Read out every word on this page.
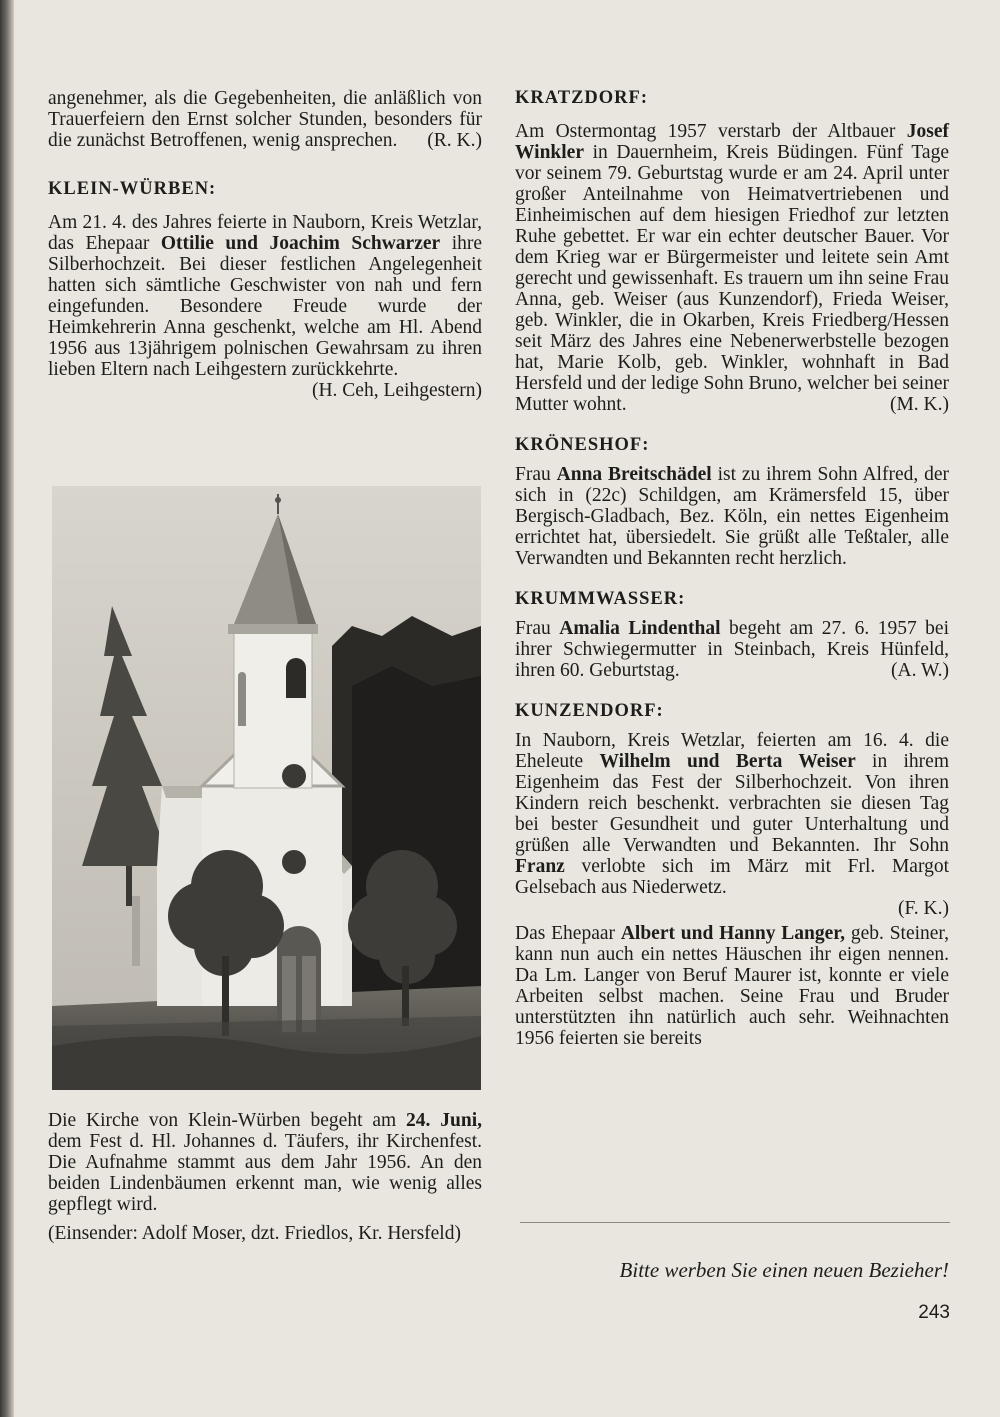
angenehmer, als die Gegebenheiten, die anläßlich von Trauerfeiern den Ernst solcher Stunden, besonders für die zunächst Betroffenen, wenig ansprechen. (R. K.)

KLEIN-WÜRBEN:

Am 21. 4. des Jahres feierte in Nauborn, Kreis Wetzlar, das Ehepaar Ottilie und Joachim Schwarzer ihre Silberhochzeit. Bei dieser festlichen Angelegenheit hatten sich sämtliche Geschwister von nah und fern eingefunden. Besondere Freude wurde der Heimkehrerin Anna geschenkt, welche am Hl. Abend 1956 aus 13jährigem polnischen Gewahrsam zu ihren lieben Eltern nach Leihgestern zurückkehrte.

(H. Ceh, Leihgestern)

Die Kirche von Klein-Würben begeht am 24. Juni, dem Fest d. Hl. Johannes d. Täufers, ihr Kirchenfest. Die Aufnahme stammt aus dem Jahr 1956. An den beiden Lindenbäumen erkennt man, wie wenig alles gepflegt wird.

(Einsender: Adolf Moser, dzt. Friedlos, Kr. Hersfeld)

KRATZDORF:

Am Ostermontag 1957 verstarb der Altbauer Josef Winkler in Dauernheim, Kreis Büdingen. Fünf Tage vor seinem 79. Geburtstag wurde er am 24. April unter großer Anteilnahme von Heimatvertriebenen und Einheimischen auf dem hiesigen Friedhof zur letzten Ruhe gebettet. Er war ein echter deutscher Bauer. Vor dem Krieg war er Bürgermeister und leitete sein Amt gerecht und gewissenhaft. Es trauern um ihn seine Frau Anna, geb. Weiser (aus Kunzendorf), Frieda Weiser, geb. Winkler, die in Okarben, Kreis Friedberg/Hessen seit März des Jahres eine Nebenerwerbstelle bezogen hat, Marie Kolb, geb. Winkler, wohnhaft in Bad Hersfeld und der ledige Sohn Bruno, welcher bei seiner Mutter wohnt.	(M. K.)

KRÖNESHOF:

Frau Anna Breitschädel ist zu ihrem Sohn Alfred, der sich in (22c) Schildgen, am Krämersfeld 15, über Bergisch-Gladbach, Bez. Köln, ein nettes Eigenheim errichtet hat, übersiedelt. Sie grüßt alle Teßtaler, alle Verwandten und Bekannten recht herzlich.

KRUMMWASSER:

Frau Amalia Lindenthal begeht am 27. 6. 1957 bei ihrer Schwiegermutter in Steinbach, Kreis Hünfeld, ihren 60. Geburtstag.	(A. W.)

KUNZENDORF:

In Nauborn, Kreis Wetzlar, feierten am 16. 4. die Eheleute Wilhelm und Berta Weiser in ihrem Eigenheim das Fest der Silberhochzeit. Von ihren Kindern reich beschenkt. verbrachten sie diesen Tag bei bester Gesundheit und guter Unterhaltung und grüßen alle Verwandten und Bekannten. Ihr Sohn Franz verlobte sich im März mit Frl. Margot Gelsebach aus Niederwetz.

(F. K.)

Das Ehepaar Albert und Hanny Langer, geb. Steiner, kann nun auch ein nettes Häuschen ihr eigen nennen. Da Lm. Langer von Beruf Maurer ist, konnte er viele Arbeiten selbst machen. Seine Frau und Bruder unterstützten ihn natürlich auch sehr. Weihnachten 1956 feierten sie bereits

Bitte werben Sie einen neuen Bezieher!
243
